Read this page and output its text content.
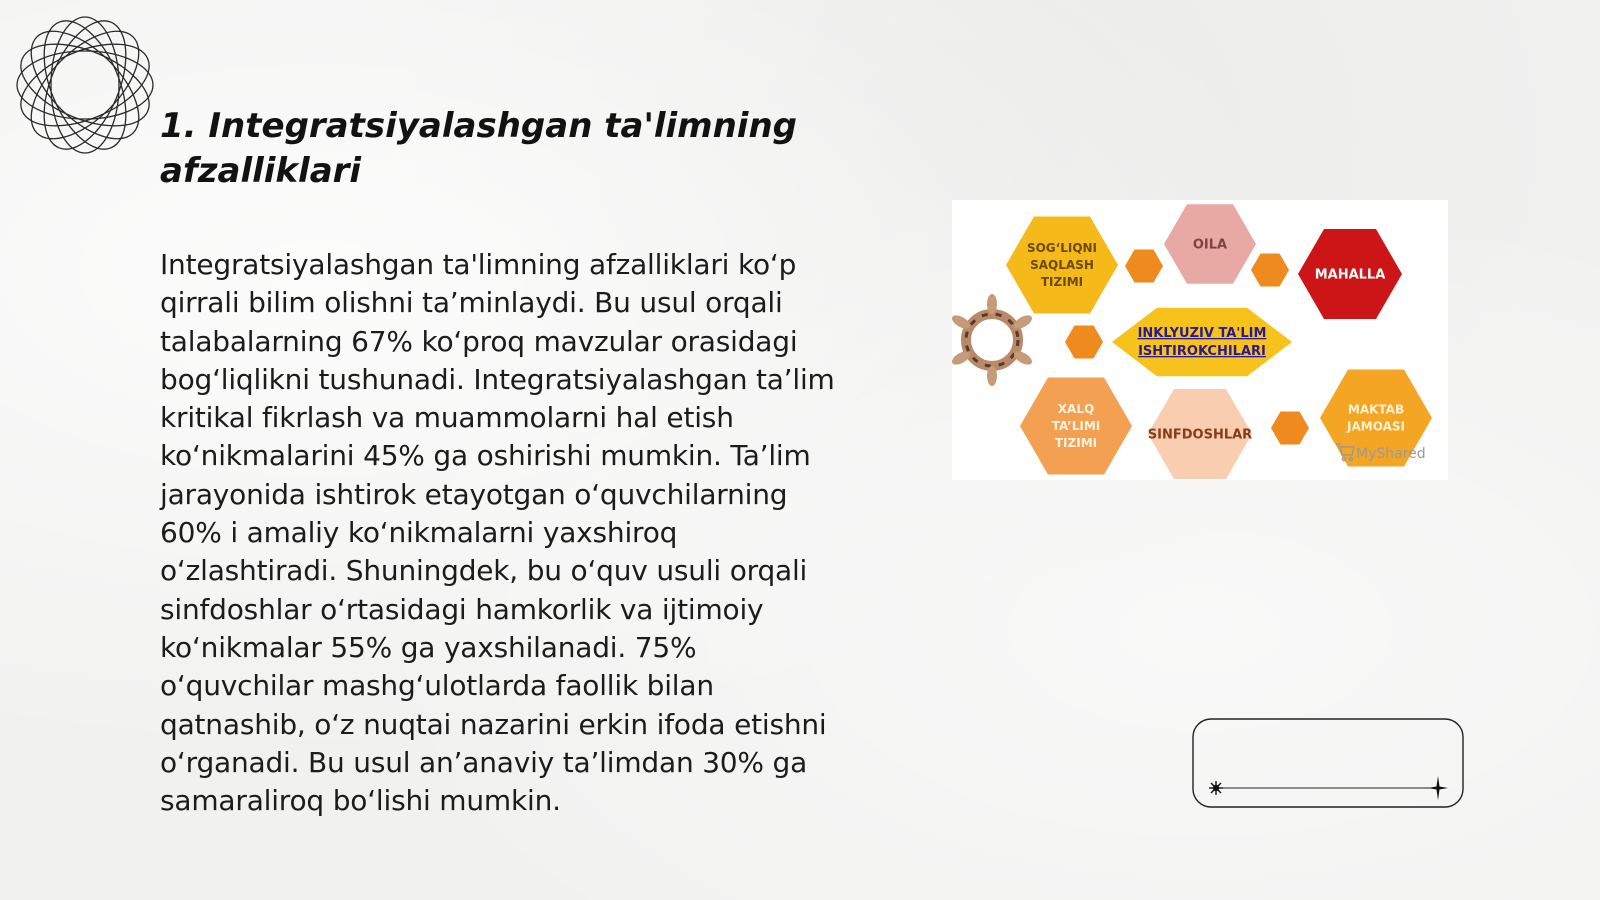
1. Integratsiyalashgan ta'limning afzalliklari

Integratsiyalashgan ta'limning afzalliklari ko‘p qirrali bilim olishni ta’minlaydi. Bu usul orqali talabalarning 67% ko‘proq mavzular orasidagi bog‘liqlikni tushunadi. Integratsiyalashgan ta’lim kritikal fikrlash va muammolarni hal etish ko‘nikmalarini 45% ga oshirishi mumkin. Ta’lim jarayonida ishtirok etayotgan o‘quvchilarning 60% i amaliy ko‘nikmalarni yaxshiroq o‘zlashtiradi. Shuningdek, bu o‘quv usuli orqali sinfdoshlar o‘rtasidagi hamkorlik va ijtimoiy ko‘nikmalar 55% ga yaxshilanadi. 75% o‘quvchilar mashg‘ulotlarda faollik bilan qatnashib, o‘z nuqtai nazarini erkin ifoda etishni o‘rganadi. Bu usul an’anaviy ta’limdan 30% ga samaraliroq bo‘lishi mumkin.

SOG‘LIQNI
SAQLASH
TIZIMI
OILA
MAHALLA
XALQ
TA’LIMI
TIZIMI
SINFDOSHLAR
MAKTAB
JAMOASI
INKLYUZIV TA'LIM
ISHTIROKCHILARI
MyShared
